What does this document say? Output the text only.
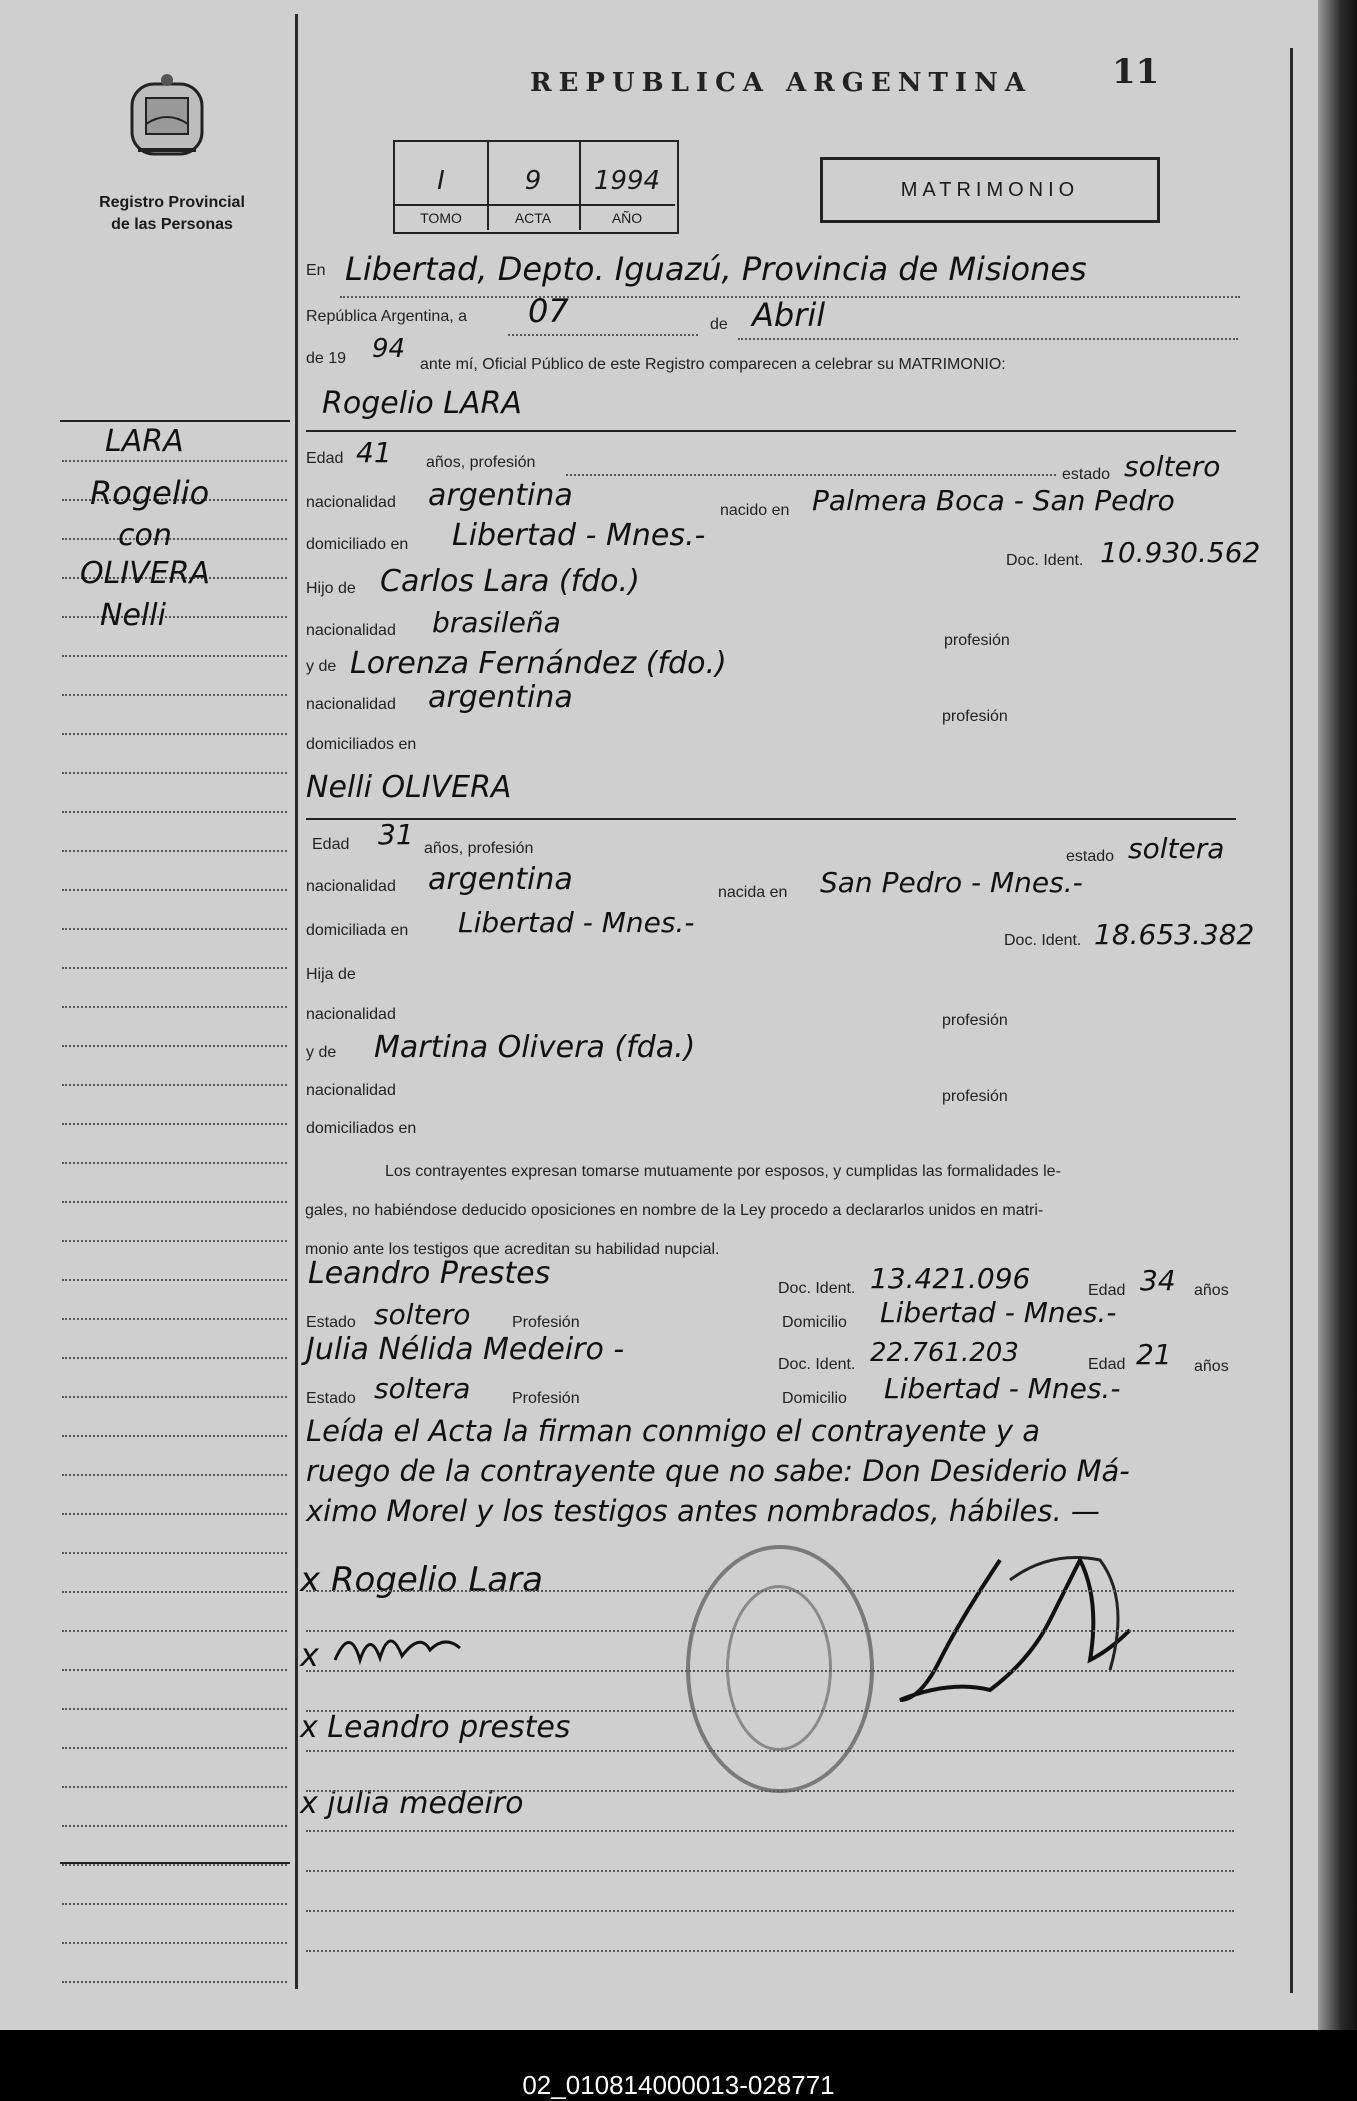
Registro Provincial
de las Personas
REPUBLICA ARGENTINA 11
I
TOMO
9
ACTA
1994
AÑO
MATRIMONIO
LARA
Rogelio
con
OLIVERA
Nelli
En Libertad, Depto. Iguazú, Provincia de Misiones
República Argentina, a 07	de Abril
de 19 94
ante mí, Oficial Público de este Registro comparecen a celebrar su MATRIMONIO:
Rogelio LARA
Edad 41 años, profesión
estado soltero
nacionalidad argentina	nacido en Palmera Boca - San Pedro
domiciliado en Libertad - Mnes.-
Doc. Ident. 10.930.562
Hijo de Carlos Lara (fdo.)
nacionalidad brasileña
profesión
y de Lorenza Fernández (fdo.)
nacionalidad argentina
profesión
domiciliados en
Nelli OLIVERA
Edad 31 años, profesión	estado soltera
nacionalidad argentina	nacida en San Pedro - Mnes.-
domiciliada en Libertad - Mnes.-
Doc. Ident. 18.653.382
Hija de
nacionalidad	profesión
y de Martina Olivera (fda.)
nacionalidad	profesión
domiciliados en
Los contrayentes expresan tomarse mutuamente por esposos, y cumplidas las formalidades le-
gales, no habiéndose deducido oposiciones en nombre de la Ley procedo a declararlos unidos en matri-
monio ante los testigos que acreditan su habilidad nupcial.
Leandro Prestes	Doc. Ident. 13.421.096	Edad 34 años
Estado soltero	Profesión	Domicilio Libertad - Mnes.-
Julia Nélida Medeiro -	Doc. Ident. 22.761.203	Edad 21 años
Estado soltera	Profesión	Domicilio Libertad - Mnes.-
Leída el Acta la firman conmigo el contrayente y a
ruego de la contrayente que no sabe: Don Desiderio Má-
ximo Morel y los testigos antes nombrados, hábiles. —
x Rogelio Lara
x
x Leandro prestes
x julia medeiro
02_010814000013-028771
